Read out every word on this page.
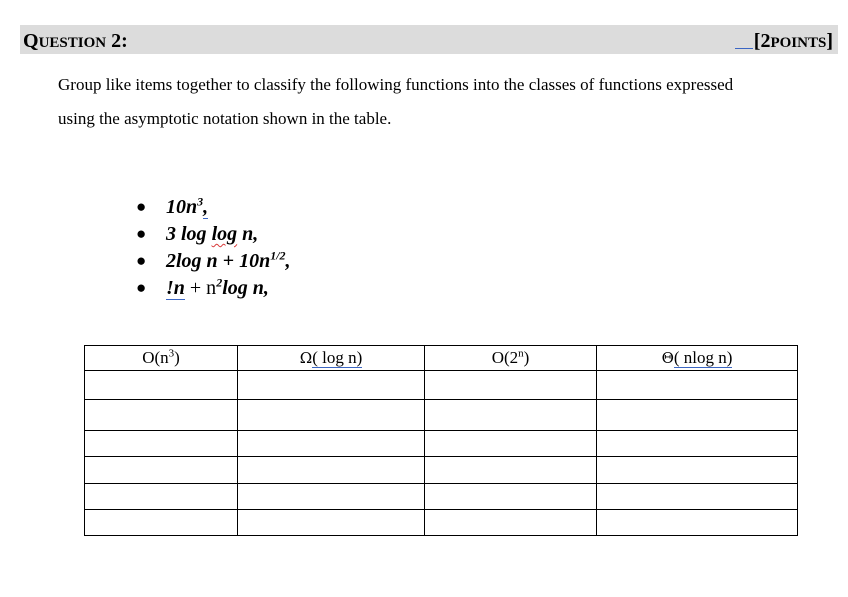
QUESTION 2:	[2POINTS]
Group like items together to classify the following functions into the classes of functions expressed
using the asymptotic notation shown in the table.
● $10n^3$,
● 3 log log n,
● 2log $n + 10n^{1/2}$,
● $!n + n^2\log$ n,
$O(n^3)$	Ω( log n)	O(2$^n$)	Θ( nlog n)
